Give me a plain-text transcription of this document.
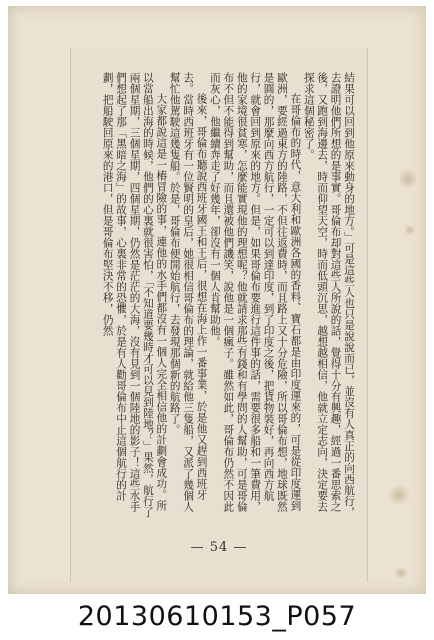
結果可以回到他原來動身的地方。」可是這些人也只是說說而已，並沒有人真正的向西航行，去證明他們所想的是事實。哥倫布却對這些人所說的話，覺得十分有興趣，經過一番思索之後，又跑到海邊去，時而仰望天空，時而低頭沉思，越想越相信，他就立定志向，決定要去探求這個秘密了。

在哥倫布的時代，意大利和歐洲各國的香料、寶石都是由印度運來的，可是從印度運到歐洲，要經過東方的陸路，不但往返費時，而且路上又十分危險，所以哥倫布想，地球既然是圓的，那麼向西方航行，一定可以到達印度，到了印度之後，把貨物裝好，再向西方航行，就會回到原來的地方。但是，如果哥倫布要進行這件事的話，需要很多船和一筆費用，他的家境很貧寒，怎麼能實現他的理想呢？他就請求那些有錢和有學問的人幫助，可是哥倫布不但不能得到幫助，而且還被他們譏笑，說他是一個瘋子。雖然如此，哥倫布仍然不因此而灰心，他繼續奔走了好幾年，卻沒有一個人肯幫助他。

後來，哥倫布聽說西班牙國王和王后，很想在海上作一番事業，於是他又趕到西班牙去。當時西班牙有一位賢明的皇后，她很相信哥倫布的理論，就給他三隻船，又派了幾個人幫忙他駕駛這幾隻船。於是，哥倫布便開始航行，去發現那個新的航路了。

大家都說這是一樁冒險的事，連他的水手們都沒有一個人完全相信他的計劃會成功。所以當船出海的時候，他們的心裏就很害怕，「不知道要幾時才可以見到陸地？」果然，航行了兩個星期，三個星期，四個星期，仍然是茫茫的大海，沒有見到一個陸地的影子！這些水手們想起了那「黑暗之海」的故事，心裏非常的恐懼，於是有人勸哥倫布中止這個航行的計劃，把船駛回原來的港口，但是哥倫布堅決不移，仍然

— 54 —
20130610153_P057
